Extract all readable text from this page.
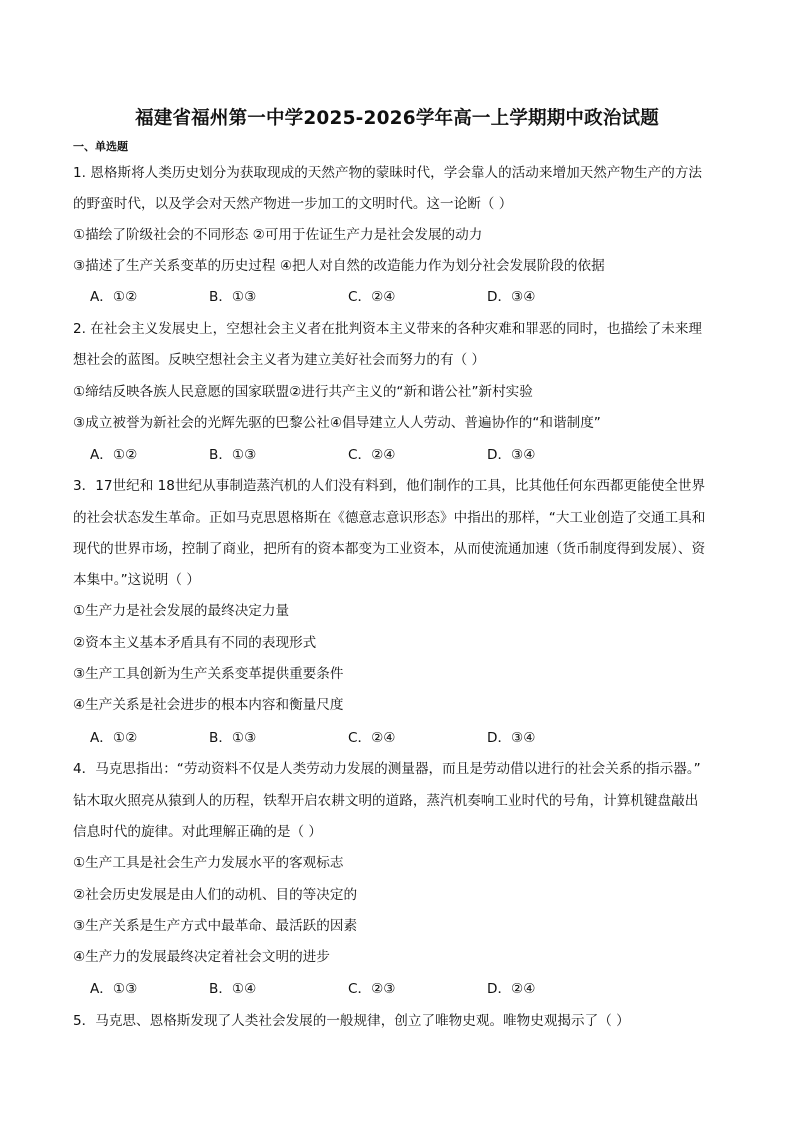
福建省福州第一中学2025-2026学年高一上学期期中政治试题
一、单选题
1. 恩格斯将人类历史划分为获取现成的天然产物的蒙昧时代，学会靠人的活动来增加天然产物生产的方法
的野蛮时代，以及学会对天然产物进一步加工的文明时代。这一论断（ ）
①描绘了阶级社会的不同形态 ②可用于佐证生产力是社会发展的动力
③描述了生产关系变革的历史过程 ④把人对自然的改造能力作为划分社会发展阶段的依据
A．①②	B．①③	C．②④	D．③④
2. 在社会主义发展史上，空想社会主义者在批判资本主义带来的各种灾难和罪恶的同时，也描绘了未来理
想社会的蓝图。反映空想社会主义者为建立美好社会而努力的有（ ）
①缔结反映各族人民意愿的国家联盟②进行共产主义的“新和谐公社”新村实验
③成立被誉为新社会的光辉先驱的巴黎公社④倡导建立人人劳动、普遍协作的“和谐制度”
A．①②	B．①③	C．②④	D．③④
3．17世纪和 18世纪从事制造蒸汽机的人们没有料到，他们制作的工具，比其他任何东西都更能使全世界
的社会状态发生革命。正如马克思恩格斯在《德意志意识形态》中指出的那样，“大工业创造了交通工具和
现代的世界市场，控制了商业，把所有的资本都变为工业资本，从而使流通加速（货币制度得到发展）、资
本集中。”这说明（ ）
①生产力是社会发展的最终决定力量
②资本主义基本矛盾具有不同的表现形式
③生产工具创新为生产关系变革提供重要条件
④生产关系是社会进步的根本内容和衡量尺度
A．①②	B．①③	C．②④	D．③④
4．马克思指出：“劳动资料不仅是人类劳动力发展的测量器，而且是劳动借以进行的社会关系的指示器。”
钻木取火照亮从猿到人的历程，铁犁开启农耕文明的道路，蒸汽机奏响工业时代的号角，计算机键盘敲出
信息时代的旋律。对此理解正确的是（ ）
①生产工具是社会生产力发展水平的客观标志
②社会历史发展是由人们的动机、目的等决定的
③生产关系是生产方式中最革命、最活跃的因素
④生产力的发展最终决定着社会文明的进步
A．①③	B．①④	C．②③	D．②④
5．马克思、恩格斯发现了人类社会发展的一般规律，创立了唯物史观。唯物史观揭示了（ ）
